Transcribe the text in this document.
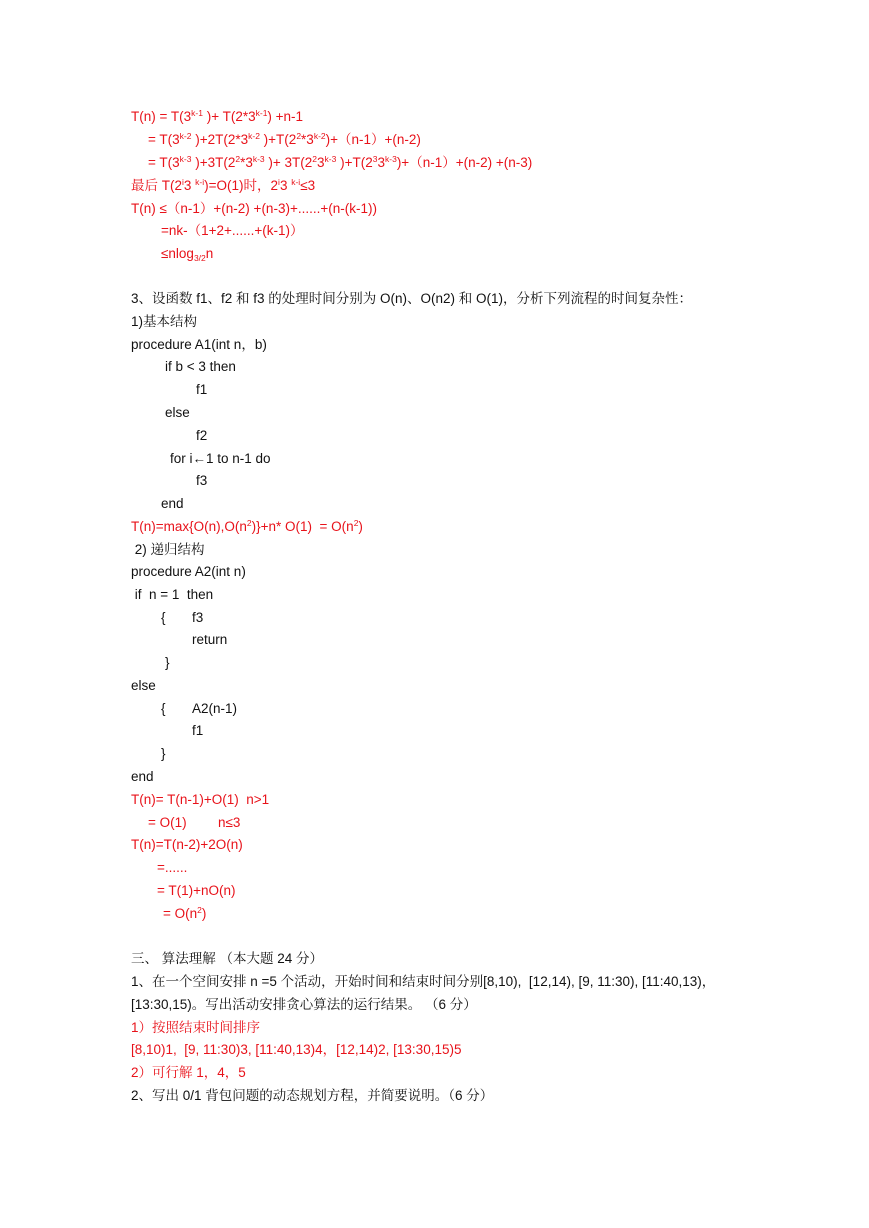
$T(n) = T(3^{k-1}$ )+ $T(2*3^{k-1}) +n-1$
= $T(3^{k-2}$ )$+2T(2*3^{k-2}$ )$+T(2^2*3^{k-2})+(n-1)+(n-2)$
= $T(3^{k-3}$ )$+3T(2^2*3^{k-3}$ )+ $3T(2^23^{k-3}$ )$+T(2^33^{k-3})+(n-1)+(n-2) +(n-3)$
最后 T(2$^i$3 $^{k-i}$)=O(1)时，2$^i$3 $^{k-i}$≤3
T(n) ≤（n-1）+(n-2) +(n-3)+......+(n-(k-1))
=nk-（1+2+......+(k-1)）
≤nlog$_{3/2}$n
3、设函数 f1、f2 和 f3 的处理时间分别为 O(n)、O(n2) 和 O(1)，分析下列流程的时间复杂性：
1)基本结构
procedure A1(int n，b)
if b < 3 then
f1
else
f2
for i←1 to n-1 do
f3
end
$T(n)=\max\{O(n),O(n^2)\}+n*$ $O(1) = O(n^2)$
2) 递归结构
procedure A2(int n)
if  n = 1  then
{ f3
return
}
else
{ A2(n-1)
f1
}
end
T(n)= T(n-1)+O(1)  n>1
= O(1) n≤3
T(n)=T(n-2)+2O(n)
=......
= T(1)+nO(n)
= $O(n^2)$
三、 算法理解 （本大题 24 分）
1、在一个空间安排 n =5 个活动，开始时间和结束时间分别[8,10),  [12,14), [9, 11:30), [11:40,13)，
[13:30,15)。写出活动安排贪心算法的运行结果。 （6 分）
1）按照结束时间排序
[8,10)1,  [9, 11:30)3, [11:40,13)4，[12,14)2, [13:30,15)5
2）可行解 1，4，5
2、写出 0/1 背包问题的动态规划方程，并简要说明。（6 分）
